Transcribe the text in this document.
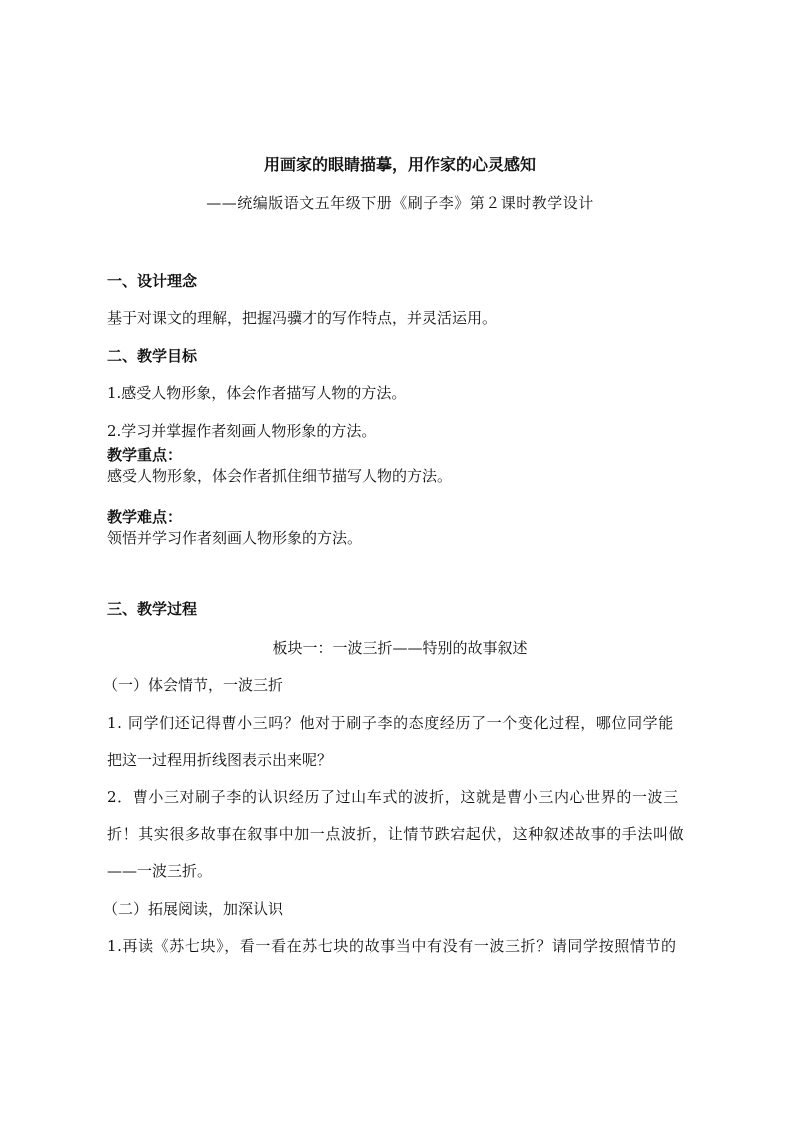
用画家的眼睛描摹，用作家的心灵感知
——统编版语文五年级下册《刷子李》第２课时教学设计
一、设计理念
基于对课文的理解，把握冯骥才的写作特点，并灵活运用。
二、教学目标
1.感受人物形象，体会作者描写人物的方法。
2.学习并掌握作者刻画人物形象的方法。
教学重点：
感受人物形象，体会作者抓住细节描写人物的方法。
教学难点：
领悟并学习作者刻画人物形象的方法。
三、教学过程
板块一：一波三折——特别的故事叙述
（一）体会情节，一波三折
1. 同学们还记得曹小三吗？他对于刷子李的态度经历了一个变化过程，哪位同学能
把这一过程用折线图表示出来呢？
2．曹小三对刷子李的认识经历了过山车式的波折，这就是曹小三内心世界的一波三
折！其实很多故事在叙事中加一点波折，让情节跌宕起伏，这种叙述故事的手法叫做
——一波三折。
（二）拓展阅读，加深认识
1.再读《苏七块》，看一看在苏七块的故事当中有没有一波三折？请同学按照情节的
